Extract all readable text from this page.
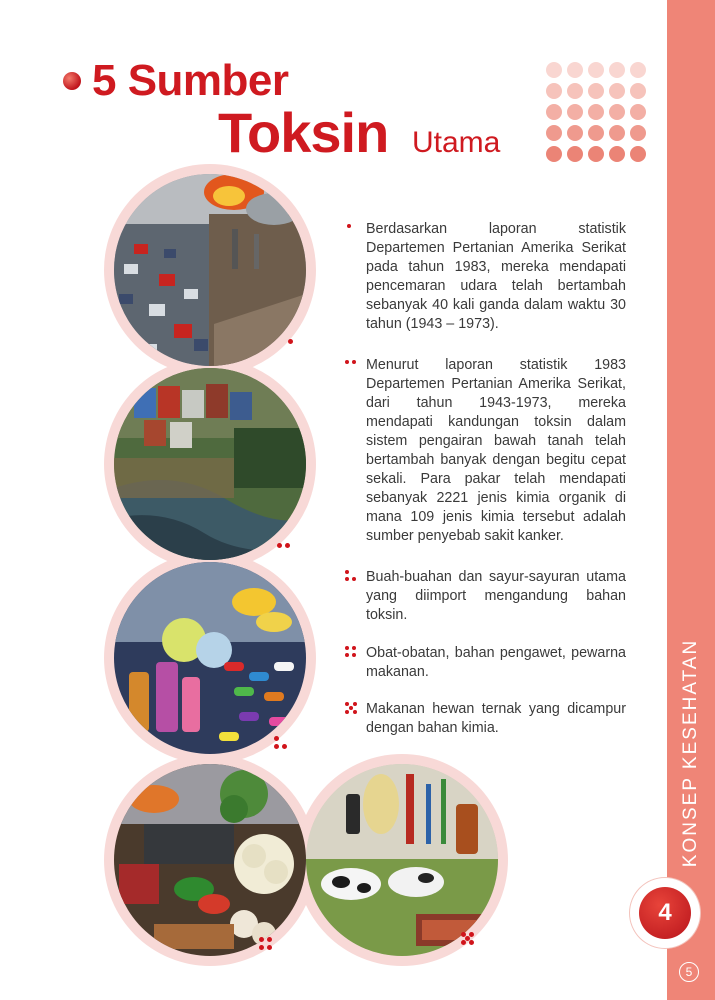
KONSEP KESEHATAN
4
5
5 Sumber
Toksin Utama
Berdasarkan laporan statistik Departemen Pertanian Amerika Serikat pada tahun 1983, mereka mendapati pencemaran udara telah bertambah sebanyak 40 kali ganda dalam waktu 30 tahun (1943 – 1973).
Menurut laporan statistik 1983 Departemen Pertanian Amerika Serikat, dari tahun 1943-1973, mereka mendapati kandungan toksin dalam sistem pengairan bawah tanah telah bertambah banyak dengan begitu cepat sekali. Para pakar telah mendapati sebanyak 2221 jenis kimia organik di mana 109 jenis kimia tersebut adalah sumber penyebab sakit kanker.
Buah-buahan dan sayur-sayuran utama yang diimport mengandung bahan toksin.
Obat-obatan, bahan pengawet, pewarna makanan.
Makanan hewan ternak yang dicampur dengan bahan kimia.
